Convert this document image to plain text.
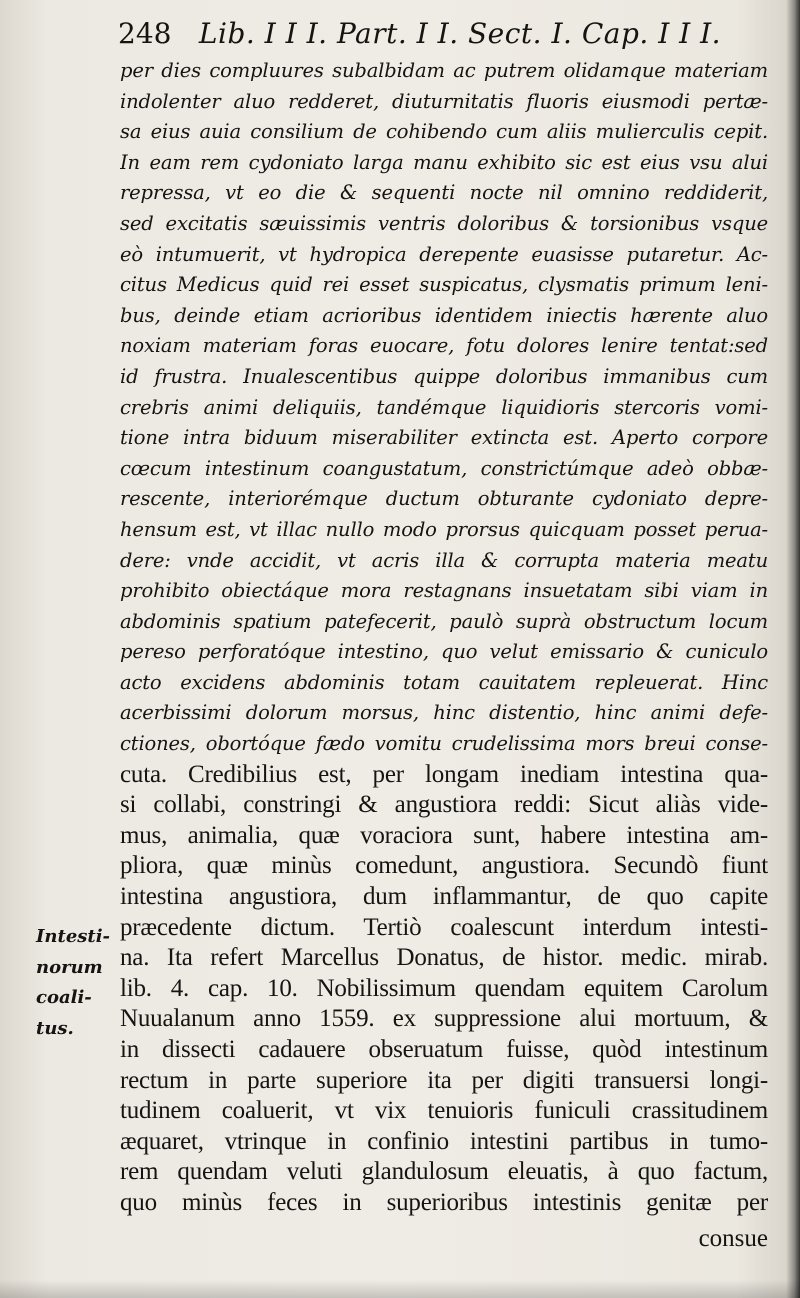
248 Lib. I I I. Part. I I. Sect. I. Cap. I I I.
per dies compluures subalbidam ac putrem olidamque materiam
indolenter aluo redderet, diuturnitatis fluoris eiusmodi pertæ-
sa eius auia consilium de cohibendo cum aliis mulierculis cepit.
In eam rem cydoniato larga manu exhibito sic est eius vsu alui
repressa, vt eo die & sequenti nocte nil omnino reddiderit,
sed excitatis sæuissimis ventris doloribus & torsionibus vsque
eò intumuerit, vt hydropica derepente euasisse putaretur. Ac-
citus Medicus quid rei esset suspicatus, clysmatis primum leni-
bus, deinde etiam acrioribus identidem iniectis hærente aluo
noxiam materiam foras euocare, fotu dolores lenire tentat:sed
id frustra. Inualescentibus quippe doloribus immanibus cum
crebris animi deliquiis, tandémque liquidioris stercoris vomi-
tione intra biduum miserabiliter extincta est. Aperto corpore
cœcum intestinum coangustatum, constrictúmque adeò obbæ-
rescente, interiorémque ductum obturante cydoniato depre-
hensum est, vt illac nullo modo prorsus quicquam posset perua-
dere: vnde accidit, vt acris illa & corrupta materia meatu
prohibito obiectáque mora restagnans insuetatam sibi viam in
abdominis spatium patefecerit, paulò suprà obstructum locum
pereso perforatóque intestino, quo velut emissario & cuniculo
acto excidens abdominis totam cauitatem repleuerat. Hinc
acerbissimi dolorum morsus, hinc distentio, hinc animi defe-
ctiones, obortóque fædo vomitu crudelissima mors breui conse-
cuta. Credibilius est, per longam inediam intestina qua-
si collabi, constringi & angustiora reddi: Sicut aliàs vide-
mus, animalia, quæ voraciora sunt, habere intestina am-
pliora, quæ minùs comedunt, angustiora. Secundò fiunt
intestina angustiora, dum inflammantur, de quo capite
præcedente dictum. Tertiò coalescunt interdum intesti-
na. Ita refert Marcellus Donatus, de histor. medic. mirab.
lib. 4. cap. 10. Nobilissimum quendam equitem Carolum
Nuualanum anno 1559. ex suppressione alui mortuum, &
in dissecti cadauere obseruatum fuisse, quòd intestinum
rectum in parte superiore ita per digiti transuersi longi-
tudinem coaluerit, vt vix tenuioris funiculi crassitudinem
æquaret, vtrinque in confinio intestini partibus in tumo-
rem quendam veluti glandulosum eleuatis, à quo factum,
quo minùs feces in superioribus intestinis genitæ per
Intesti-
norum
coali-
tus.
consue
